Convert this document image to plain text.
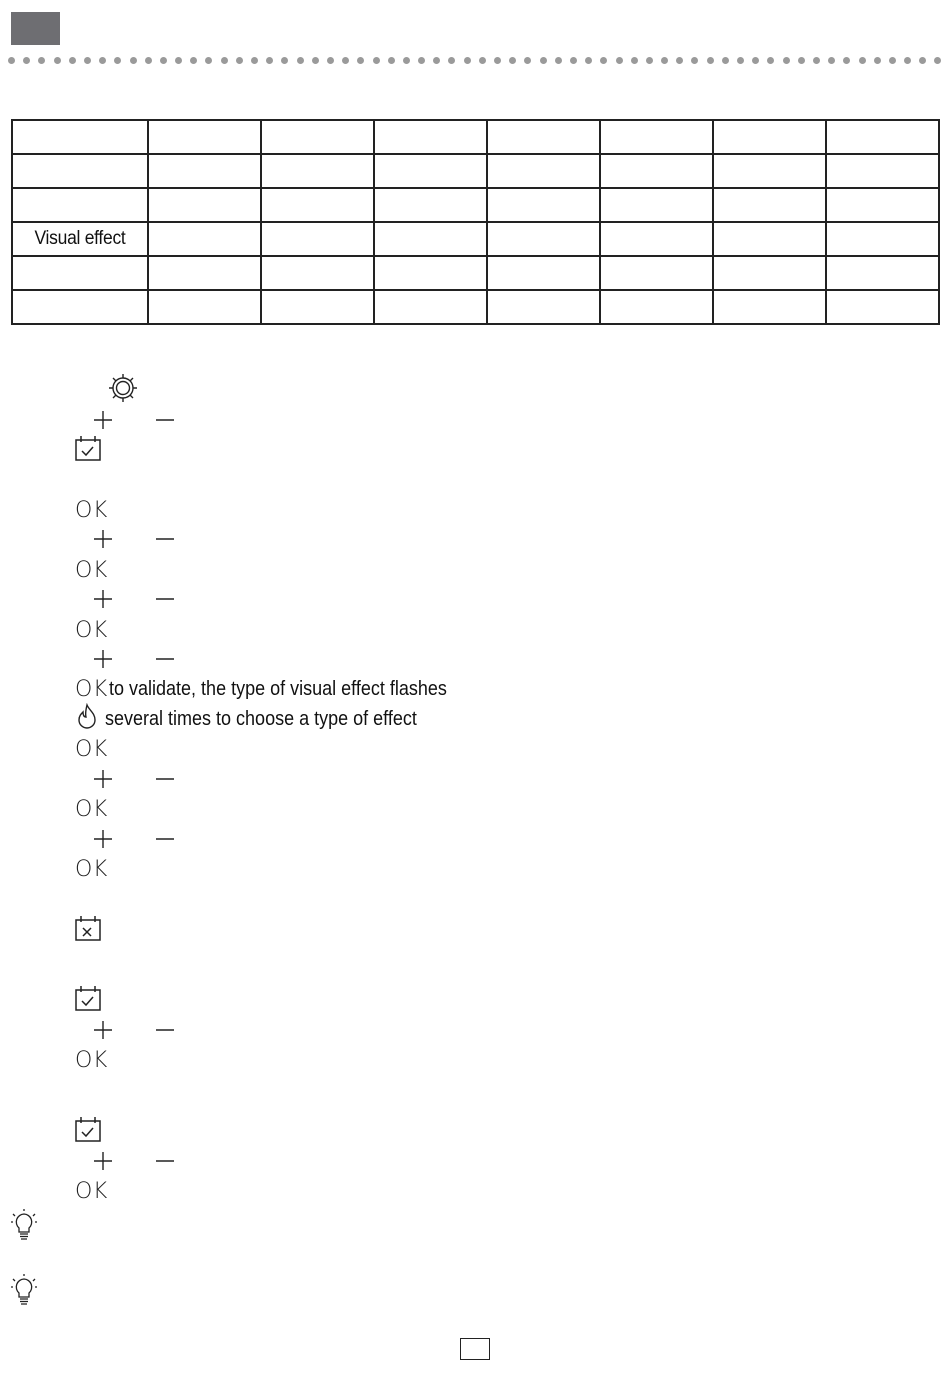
Visual effect							

OK
OK
OK
OK to validate, the type of visual effect flashes
several times to choose a type of effect
OK
OK
OK
OK
OK
